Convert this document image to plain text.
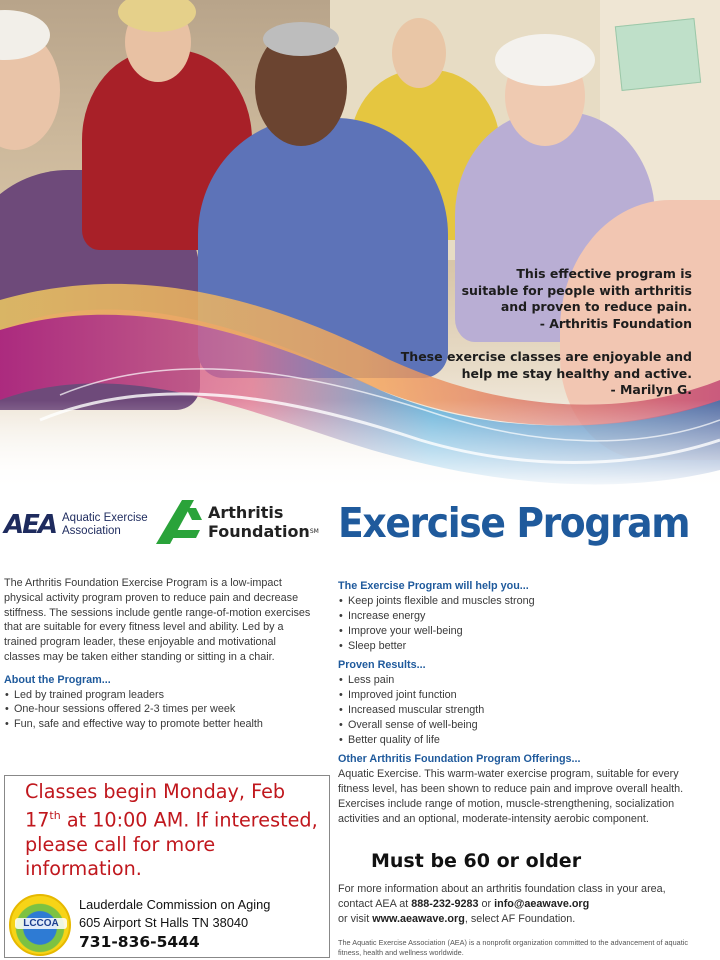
This effective program is
suitable for people with arthritis
and proven to reduce pain.
- Arthritis Foundation

These exercise classes are enjoyable and
help me stay healthy and active.
- Marilyn G.

AEA Aquatic Exercise
Association
Arthritis
Foundation℠ Exercise Program

The Arthritis Foundation Exercise Program is a low-impact physical activity program proven to reduce pain and decrease stiffness. The sessions include gentle range-of-motion exercises that are suitable for every fitness level and ability. Led by a trained program leader, these enjoyable and motivational classes may be taken either standing or sitting in a chair.

About the Program...
• Led by trained program leaders
• One-hour sessions offered 2-3 times per week
• Fun, safe and effective way to promote better health
The Exercise Program will help you...
• Keep joints flexible and muscles strong
• Increase energy
• Improve your well-being
• Sleep better
Proven Results...
• Less pain
• Improved joint function
• Increased muscular strength
• Overall sense of well-being
• Better quality of life
Other Arthritis Foundation Program Offerings...

Aquatic Exercise. This warm-water exercise program, suitable for every fitness level, has been shown to reduce pain and improve overall health. Exercises include range of motion, muscle-strengthening, socialization activities and an optional, moderate-intensity aerobic component.

Must be 60 or older
For more information about an arthritis foundation class in your area, contact AEA at 888-232-9283 or info@aeawave.org
or visit www.aeawave.org, select AF Foundation.
The Aquatic Exercise Association (AEA) is a nonprofit organization committed to the advancement of aquatic fitness, health and wellness worldwide.
Classes begin Monday, Feb 17th at 10:00 AM. If interested, please call for more information.
LCCOA
Lauderdale Commission on Aging
605 Airport St Halls TN 38040
731-836-5444
